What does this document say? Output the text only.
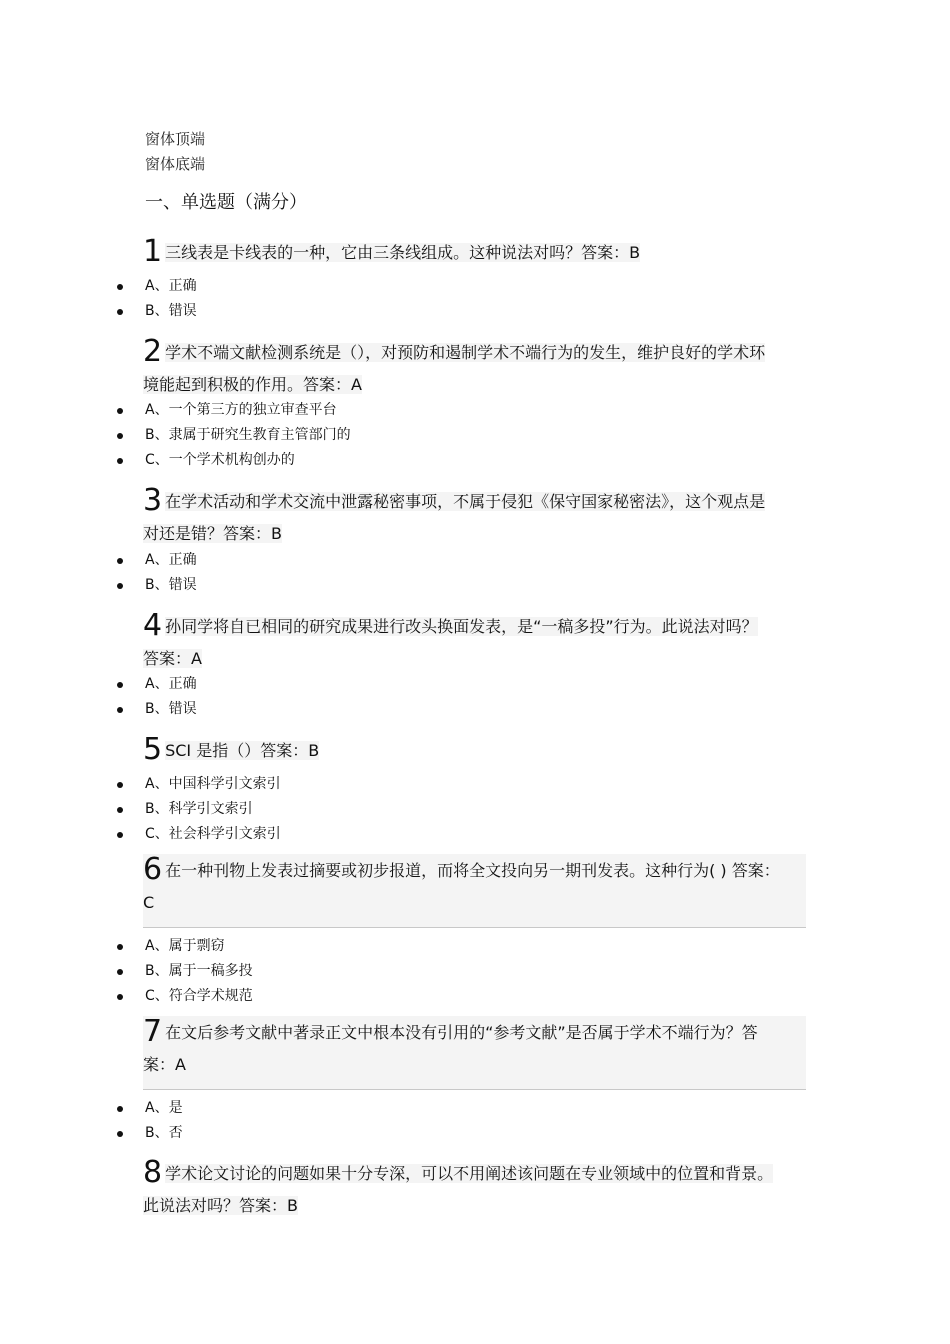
窗体顶端
窗体底端
一、单选题（满分）
1 三线表是卡线表的一种，它由三条线组成。这种说法对吗？答案：B
A、正确
B、错误
2 学术不端文献检测系统是（），对预防和遏制学术不端行为的发生，维护良好的学术环
境能起到积极的作用。答案：A
A、一个第三方的独立审查平台
B、隶属于研究生教育主管部门的
C、一个学术机构创办的
3 在学术活动和学术交流中泄露秘密事项，不属于侵犯《保守国家秘密法》，这个观点是
对还是错？答案：B
A、正确
B、错误
4 孙同学将自已相同的研究成果进行改头换面发表，是“一稿多投”行为。此说法对吗？
答案：A
A、正确
B、错误
5 SCI 是指（）答案：B
A、中国科学引文索引
B、科学引文索引
C、社会科学引文索引
6 在一种刊物上发表过摘要或初步报道，而将全文投向另一期刊发表。这种行为( ) 答案：
C
A、属于剽窃
B、属于一稿多投
C、符合学术规范
7 在文后参考文献中著录正文中根本没有引用的“参考文献”是否属于学术不端行为？答
案：A
A、是
B、否
8 学术论文讨论的问题如果十分专深，可以不用阐述该问题在专业领域中的位置和背景。
此说法对吗？答案：B
